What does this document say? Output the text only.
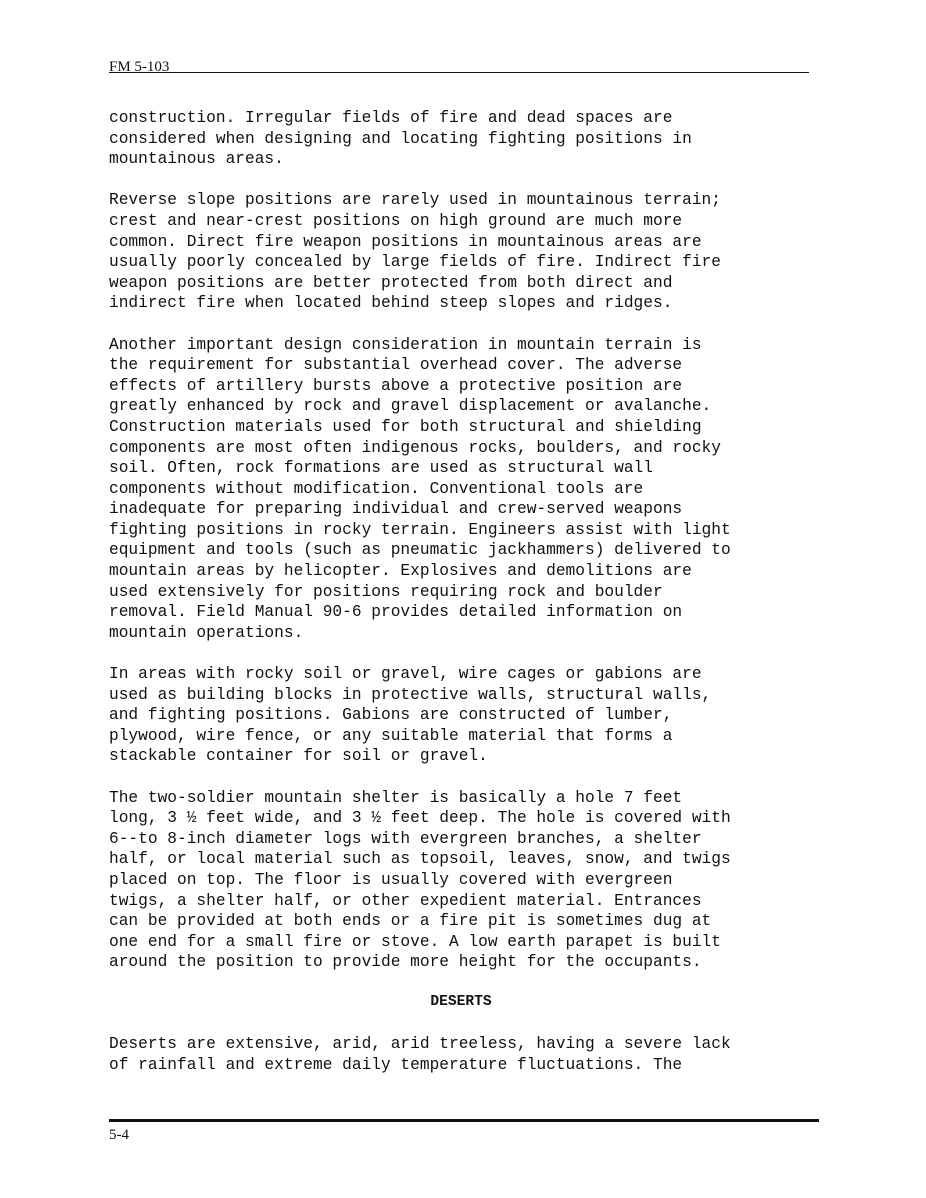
FM 5-103

construction. Irregular fields of fire and dead spaces are
considered when designing and locating fighting positions in
mountainous areas.

Reverse slope positions are rarely used in mountainous terrain;
crest and near-crest positions on high ground are much more
common. Direct fire weapon positions in mountainous areas are
usually poorly concealed by large fields of fire. Indirect fire
weapon positions are better protected from both direct and
indirect fire when located behind steep slopes and ridges.

Another important design consideration in mountain terrain is
the requirement for substantial overhead cover. The adverse
effects of artillery bursts above a protective position are
greatly enhanced by rock and gravel displacement or avalanche.
Construction materials used for both structural and shielding
components are most often indigenous rocks, boulders, and rocky
soil. Often, rock formations are used as structural wall
components without modification. Conventional tools are
inadequate for preparing individual and crew-served weapons
fighting positions in rocky terrain. Engineers assist with light
equipment and tools (such as pneumatic jackhammers) delivered to
mountain areas by helicopter. Explosives and demolitions are
used extensively for positions requiring rock and boulder
removal. Field Manual 90-6 provides detailed information on
mountain operations.

In areas with rocky soil or gravel, wire cages or gabions are
used as building blocks in protective walls, structural walls,
and fighting positions. Gabions are constructed of lumber,
plywood, wire fence, or any suitable material that forms a
stackable container for soil or gravel.

The two-soldier mountain shelter is basically a hole 7 feet
long, 3 ½ feet wide, and 3 ½ feet deep. The hole is covered with
6--to 8-inch diameter logs with evergreen branches, a shelter
half, or local material such as topsoil, leaves, snow, and twigs
placed on top. The floor is usually covered with evergreen
twigs, a shelter half, or other expedient material. Entrances
can be provided at both ends or a fire pit is sometimes dug at
one end for a small fire or stove. A low earth parapet is built
around the position to provide more height for the occupants.

DESERTS

Deserts are extensive, arid, arid treeless, having a severe lack
of rainfall and extreme daily temperature fluctuations. The

5-4
